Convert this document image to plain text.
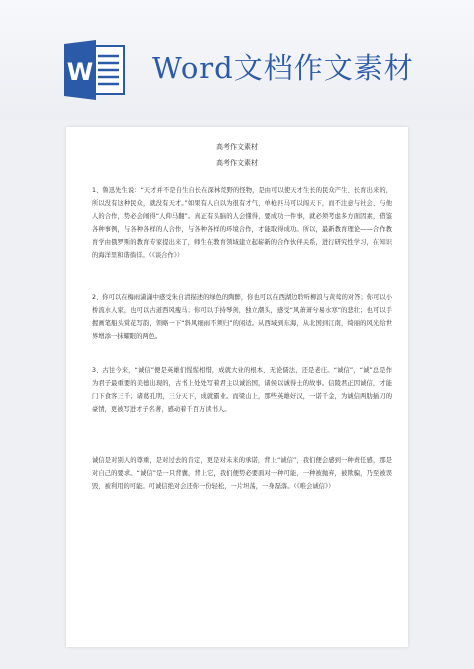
W Word文档作文素材
高考作文素材
高考作文素材

1、鲁迅先生说：“天才并不是自生自长在深林荒野的怪物，是由可以使天才生长的民众产生、长育出来的，所以没有这种民众，就没有天才。”如果有人自以为很有才气，单枪匹马可以闯天下，而不注意与社会、与他人的合作，势必会闹得“人仰马翻”。真正有头脑的人会懂得，要成功一件事，就必须考虑多方面因素，借鉴各种事例，与各种各样的人合作，与各种各样的环境合作，才能取得成功。所以，最新教育理论——合作教育学由俄罗斯的教育专家提出来了，师生在教育领域建立起崭新的合作伙伴关系，进行研究性学习，在知识的海洋里和谐徜徉。（《谈合作》）

2、你可以在梅雨潇潇中感受朱自清描述的绿色的陶醉，你也可以在西湖边聆听柳浪与黄莺的对答；你可以小桥流水人家，也可以古道西风瘦马；你可以手持琴剑，独立潮头，感受“风萧萧兮易水寒”的悲壮；也可以手握画笔船头赏花写韵，领略一下“斜风细雨不须归”的闲适。从西域到东海，从北国到江南，绮丽的风光给世界增添一抹耀眼的两色。

3、古往今来，“诚信”便是英雄们惺惺相惜，成就大业的根本，无论儒法，还是老庄。“诚信”，“诚”总是作为君子最重要的美德出现的，古书上处处写着君主以诚治国，诸侯以诚得士的故事。信陵君正因诚信，才能门下食客三千；诸葛孔明，三分天下，成就霸业。而梁山上，那些英雄好汉，一诺千金，为诚信两肋插刀的豪情，更被写进才子名著，感动着千百万读书人。

诚信是对别人的尊重，是对过去的肯定，更是对未来的承诺，背上“诚信”，我们便会感到一种责任感，那是对自己的要求。“诚信”是一只背囊，背上它，我们便势必要面对一种可能，一种被抛弃，被欺骗，乃至被误毁，被利用的可能。可诚信绝对会还你一份轻松，一片坦荡，一身磊落。（《唯会诚信》）
